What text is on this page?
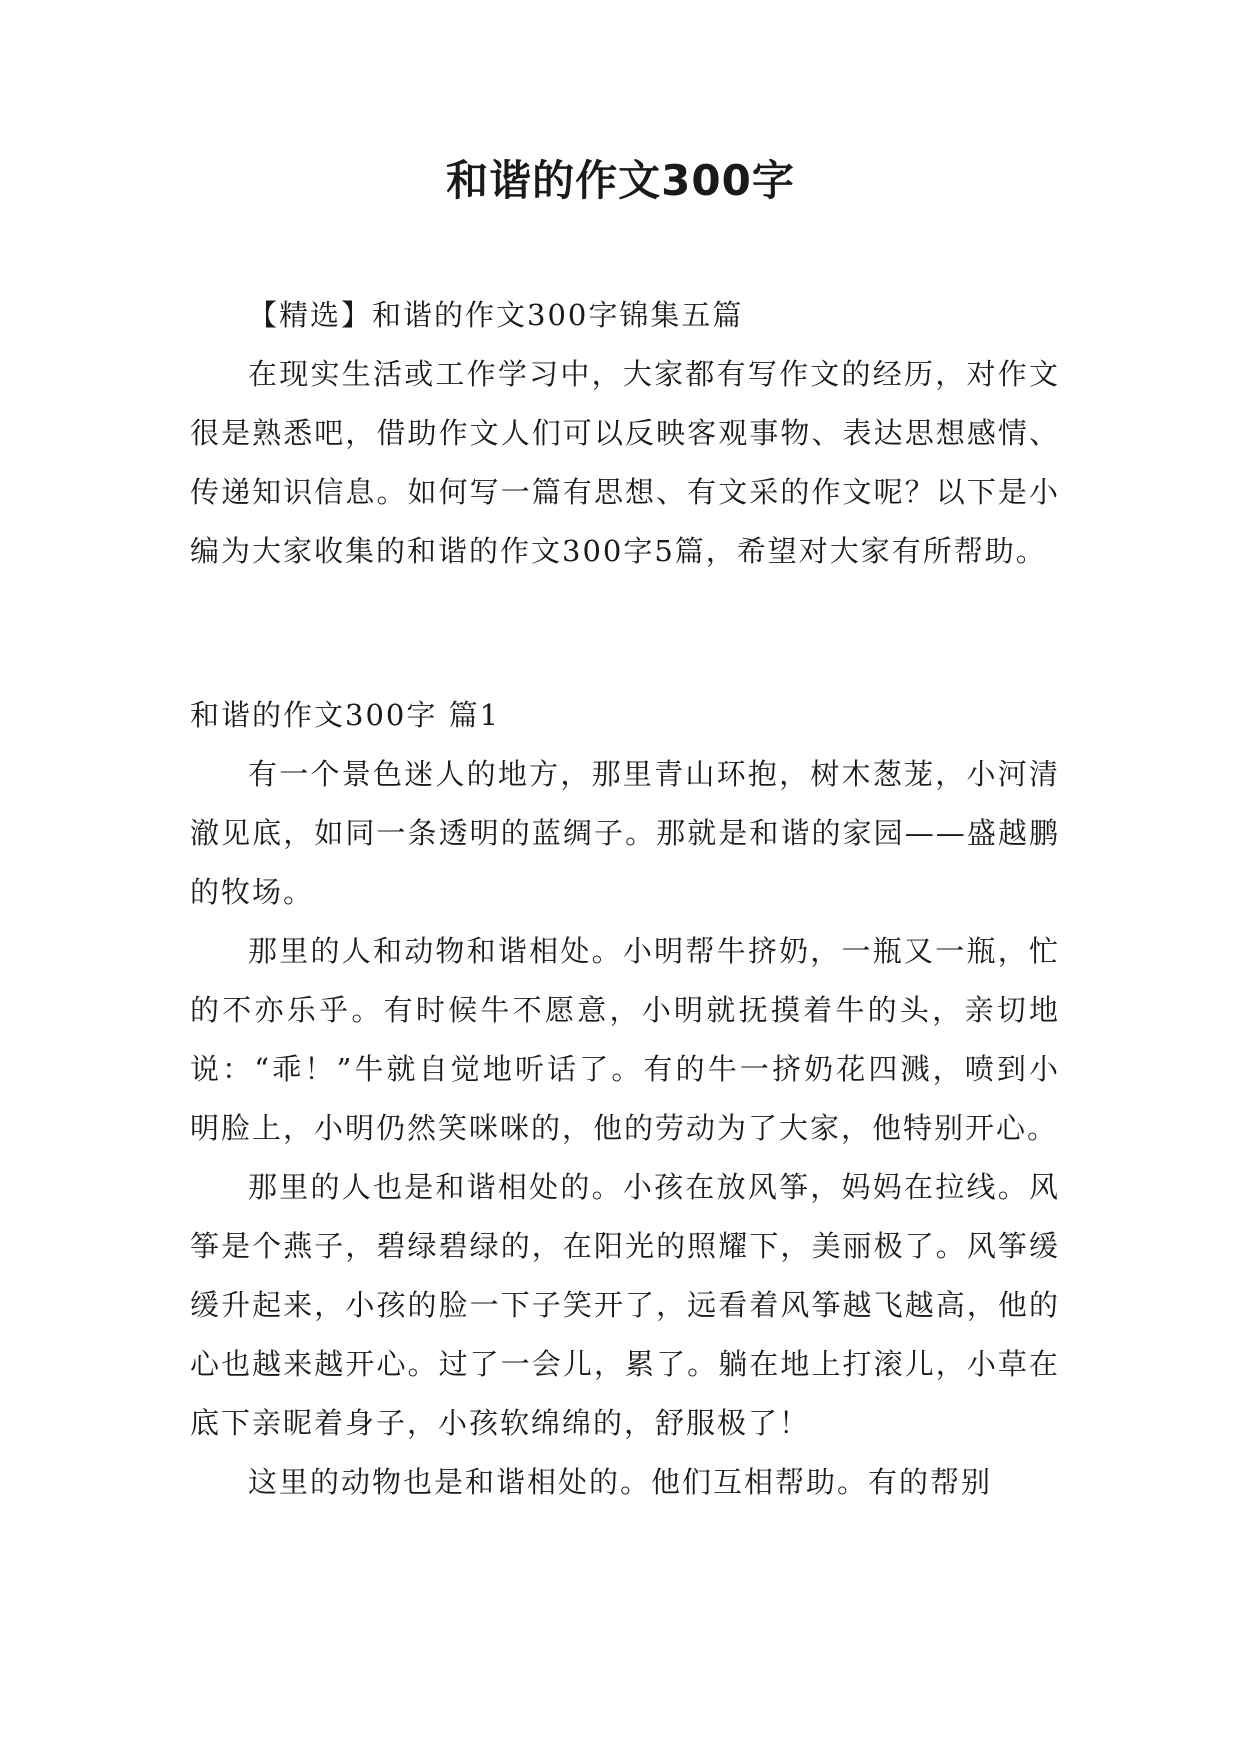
和谐的作文300字

【精选】和谐的作文300字锦集五篇

在现实生活或工作学习中，大家都有写作文的经历，对作文很是熟悉吧，借助作文人们可以反映客观事物、表达思想感情、传递知识信息。如何写一篇有思想、有文采的作文呢？以下是小编为大家收集的和谐的作文300字5篇，希望对大家有所帮助。

和谐的作文300字 篇1

有一个景色迷人的地方，那里青山环抱，树木葱茏，小河清澈见底，如同一条透明的蓝绸子。那就是和谐的家园——盛越鹏的牧场。

那里的人和动物和谐相处。小明帮牛挤奶，一瓶又一瓶，忙的不亦乐乎。有时候牛不愿意，小明就抚摸着牛的头，亲切地说：“乖！”牛就自觉地听话了。有的牛一挤奶花四溅，喷到小明脸上，小明仍然笑咪咪的，他的劳动为了大家，他特别开心。

那里的人也是和谐相处的。小孩在放风筝，妈妈在拉线。风筝是个燕子，碧绿碧绿的，在阳光的照耀下，美丽极了。风筝缓缓升起来，小孩的脸一下子笑开了，远看着风筝越飞越高，他的心也越来越开心。过了一会儿，累了。躺在地上打滚儿，小草在底下亲昵着身子，小孩软绵绵的，舒服极了！

这里的动物也是和谐相处的。他们互相帮助。有的帮别
